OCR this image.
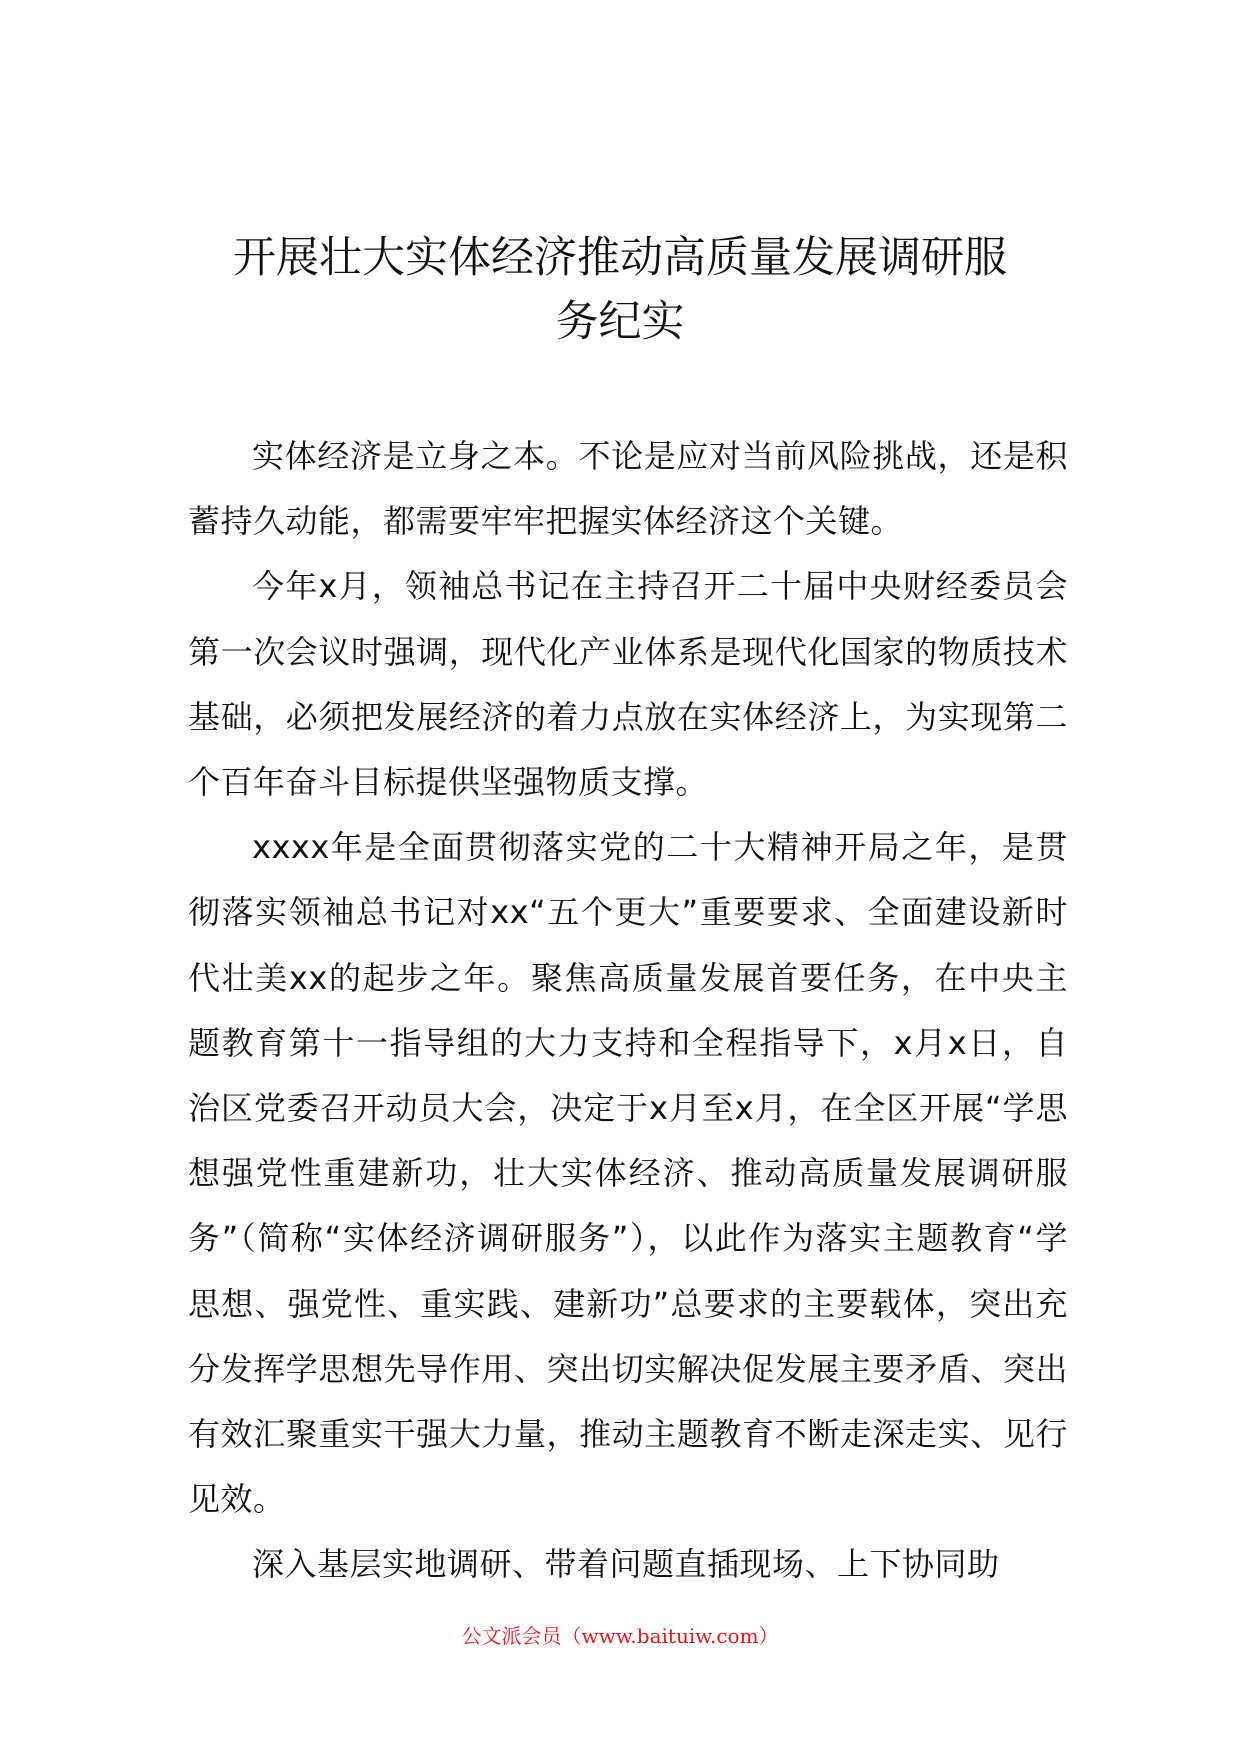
开展壮大实体经济推动高质量发展调研服
务纪实

实体经济是立身之本。不论是应对当前风险挑战，还是积蓄持久动能，都需要牢牢把握实体经济这个关键。

今年x月，领袖总书记在主持召开二十届中央财经委员会第一次会议时强调，现代化产业体系是现代化国家的物质技术基础，必须把发展经济的着力点放在实体经济上，为实现第二个百年奋斗目标提供坚强物质支撑。

xxxx年是全面贯彻落实党的二十大精神开局之年，是贯彻落实领袖总书记对xx“五个更大”重要要求、全面建设新时代壮美xx的起步之年。聚焦高质量发展首要任务，在中央主题教育第十一指导组的大力支持和全程指导下，x月x日，自治区党委召开动员大会，决定于x月至x月，在全区开展“学思想强党性重建新功，壮大实体经济、推动高质量发展调研服务”（简称“实体经济调研服务”），以此作为落实主题教育“学思想、强党性、重实践、建新功”总要求的主要载体，突出充分发挥学思想先导作用、突出切实解决促发展主要矛盾、突出有效汇聚重实干强大力量，推动主题教育不断走深走实、见行见效。

深入基层实地调研、带着问题直插现场、上下协同助

公文派会员（www.baituiw.com）
